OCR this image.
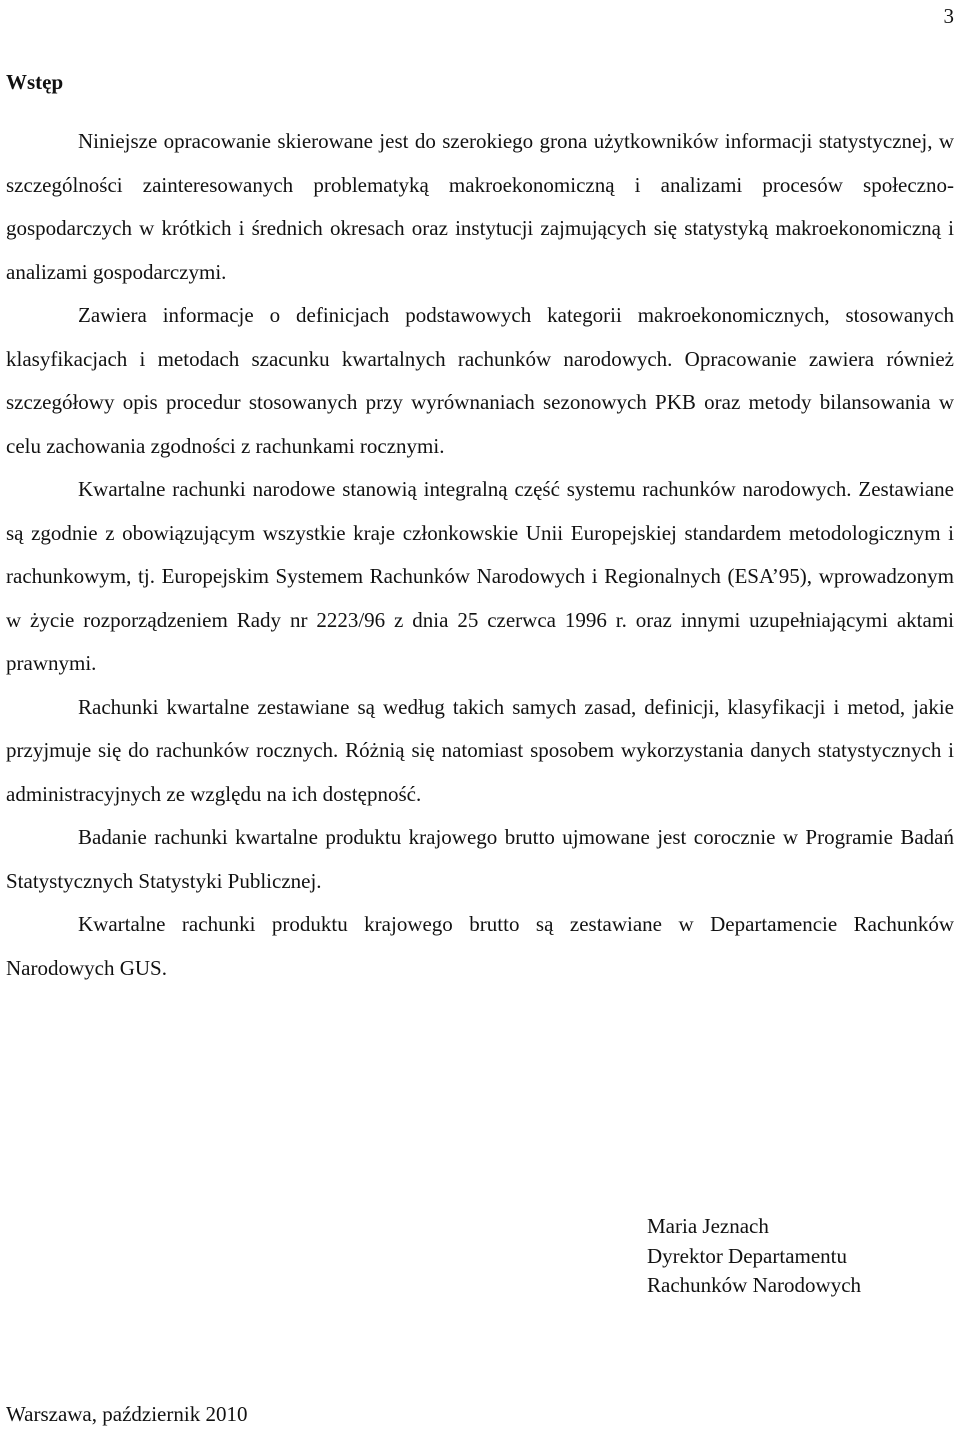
3
Wstęp

Niniejsze opracowanie skierowane jest do szerokiego grona użytkowników informacji statystycznej, w szczególności zainteresowanych problematyką makroekonomiczną i analizami procesów społeczno-gospodarczych w krótkich i średnich okresach oraz instytucji zajmujących się statystyką makroekonomiczną i analizami gospodarczymi.

Zawiera informacje o definicjach podstawowych kategorii makroekonomicznych, stosowanych klasyfikacjach i metodach szacunku kwartalnych rachunków narodowych. Opracowanie zawiera również szczegółowy opis procedur stosowanych przy wyrównaniach sezonowych PKB oraz metody bilansowania w celu zachowania zgodności z rachunkami rocznymi.

Kwartalne rachunki narodowe stanowią integralną część systemu rachunków narodowych. Zestawiane są zgodnie z obowiązującym wszystkie kraje członkowskie Unii Europejskiej standardem metodologicznym i rachunkowym, tj. Europejskim Systemem Rachunków Narodowych i Regionalnych (ESA’95), wprowadzonym w życie rozporządzeniem Rady nr 2223/96 z dnia 25 czerwca 1996 r. oraz innymi uzupełniającymi aktami prawnymi.

Rachunki kwartalne zestawiane są według takich samych zasad, definicji, klasyfikacji i metod, jakie przyjmuje się do rachunków rocznych. Różnią się natomiast sposobem wykorzystania danych statystycznych i administracyjnych ze względu na ich dostępność.

Badanie rachunki kwartalne produktu krajowego brutto ujmowane jest corocznie w Programie Badań Statystycznych Statystyki Publicznej.

Kwartalne rachunki produktu krajowego brutto są zestawiane w Departamencie Rachunków Narodowych GUS.

Maria Jeznach
Dyrektor Departamentu
Rachunków Narodowych
Warszawa, październik 2010
